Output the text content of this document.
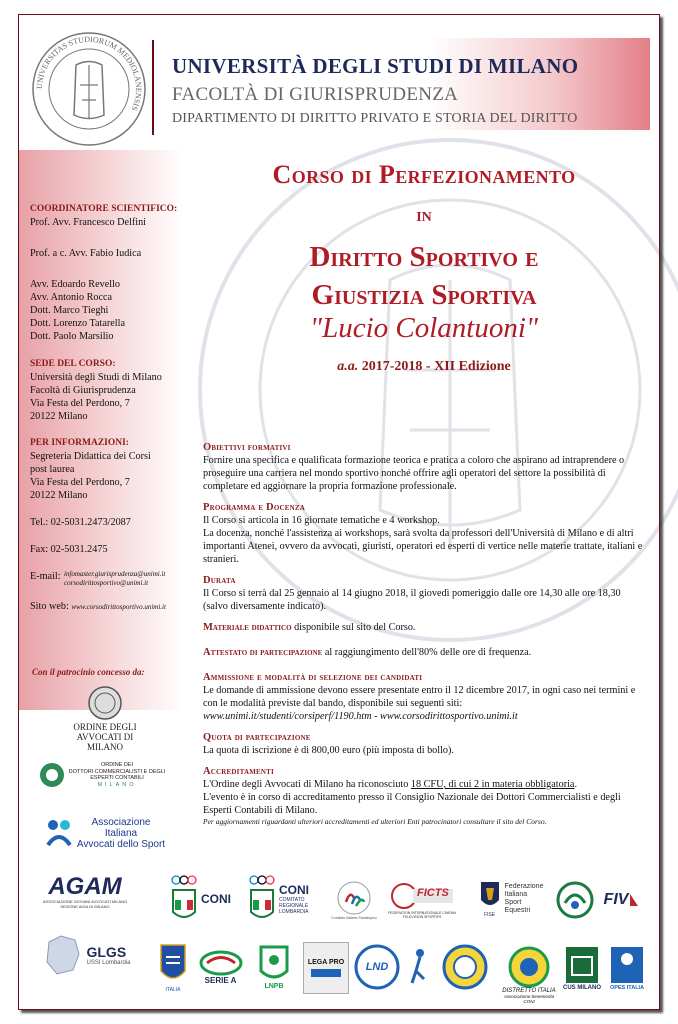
UNIVERSITAS STUDIORUM MEDIOLANENSIS
UNIVERSITÀ DEGLI STUDI DI MILANO
FACOLTÀ DI GIURISPRUDENZA
DIPARTIMENTO DI DIRITTO PRIVATO E STORIA DEL DIRITTO
Corso di Perfezionamento
IN
Diritto Sportivo e
Giustizia Sportiva
"Lucio Colantuoni"
a.a. 2017-2018 - XII Edizione
COORDINATORE SCIENTIFICO:
Prof. Avv. Francesco Delfini
Prof. a c. Avv. Fabio Iudica
Avv. Edoardo Revello
Avv. Antonio Rocca
Dott. Marco Tieghi
Dott. Lorenzo Tatarella
Dott. Paolo Marsilio
SEDE DEL CORSO:
Università degli Studi di Milano
Facoltà di Giurisprudenza
Via Festa del Perdono, 7
20122 Milano
PER INFORMAZIONI:
Segreteria Didattica dei Corsi
post laurea
Via Festa del Perdono, 7
20122 Milano
Tel.: 02-5031.2473/2087
Fax: 02-5031.2475
E-mail: infomaster.giurisprudenza@unimi.it
corsodirittosportivo@unimi.it
Sito web: www.corsodirittosportivo.unimi.it
Con il patrocinio concesso da:
Obiettivi formativi
Fornire una specifica e qualificata formazione teorica e pratica a coloro che aspirano ad intraprendere o proseguire una carriera nel mondo sportivo nonché offrire agli operatori del settore la possibilità di completare ed aggiornare la propria formazione professionale.
Programma e Docenza
Il Corso si articola in 16 giornate tematiche e 4 workshop.
La docenza, nonché l'assistenza ai workshops, sarà svolta da professori dell'Università di Milano e di altri importanti Atenei, ovvero da avvocati, giuristi, operatori ed esperti di vertice nelle materie trattate, italiani e stranieri.
Durata
Il Corso si terrà dal 25 gennaio al 14 giugno 2018, il giovedì pomeriggio dalle ore 14,30 alle ore 18,30 (salvo diversamente indicato).
Materiale didattico disponibile sul sito del Corso.
Attestato di partecipazione al raggiungimento dell'80% delle ore di frequenza.
Ammissione e modalità di selezione dei candidati
Le domande di ammissione devono essere presentate entro il 12 dicembre 2017, in ogni caso nei termini e con le modalità previste dal bando, disponibile sui seguenti siti:
www.unimi.it/studenti/corsiperf/1190.htm - www.corsodirittosportivo.unimi.it
Quota di partecipazione
La quota di iscrizione è di 800,00 euro (più imposta di bollo).
Accreditamenti
L'Ordine degli Avvocati di Milano ha riconosciuto 18 CFU, di cui 2 in materia obbligatoria.
L'evento è in corso di accreditamento presso il Consiglio Nazionale dei Dottori Commercialisti e degli Esperti Contabili di Milano.
Per aggiornamenti riguardanti ulteriori accreditamenti ed ulteriori Enti patrocinatori consultare il sito del Corso.
ORDINE DEGLI AVVOCATI DI MILANO
ORDINE DEI
DOTTORI COMMERCIALISTI E DEGLI
ESPERTI CONTABILI
MILANO
Associazione
Italiana
Avvocati dello Sport
AGAM
ASSOCIAZIONE GIOVANI AVVOCATI MILANO SEZIONE AIGA DI MILANO
CONI
CONI
COMITATO REGIONALE LOMBARDIA
Comitato Italiano Paralimpico
FICTS
FEDERATION INTERNATIONALE CINEMA TELEVISION SPORTIFS	FISE
Federazione
Italiana
Sport
Equestri
FIV
GLGS
USSI Lombardia
ITALIA
SERIE A
LNPB
LEGA PRO LND
DISTRETTO ITALIA
Associazione benemerita CONI
CUS MILANO OPES ITALIA
